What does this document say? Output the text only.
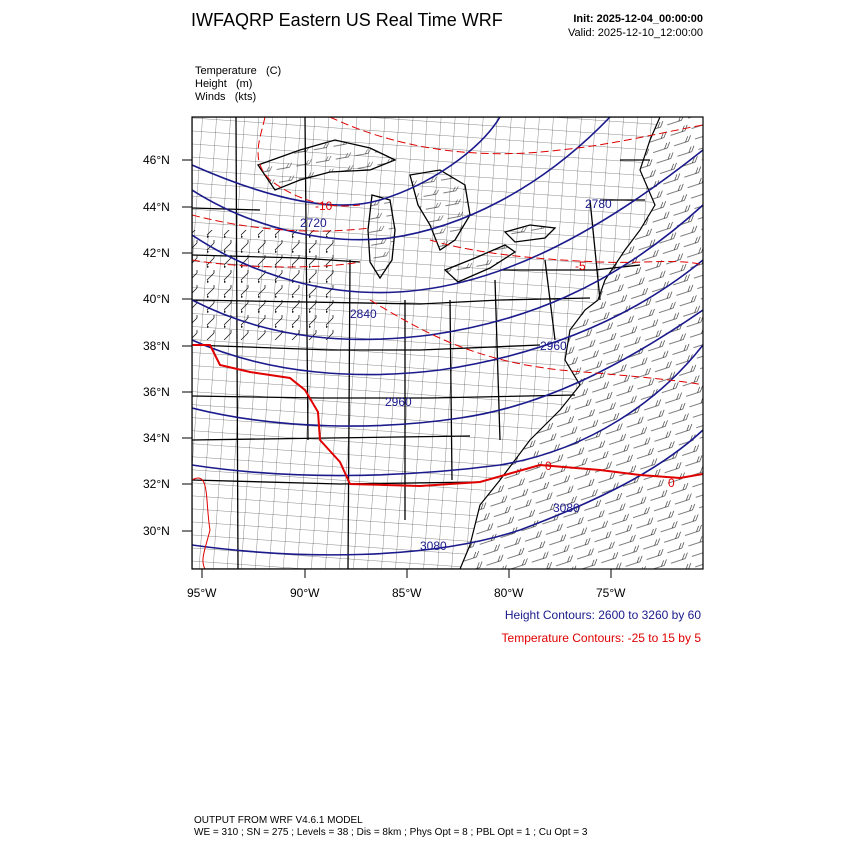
IWFAQRP Eastern US Real Time WRF	Init: 2025-12-04_00:00:00
Valid: 2025-12-10_12:00:00
Temperature (C)
Height (m)
Winds (kts)
2720
2840
2960
2960
3080
3080
2780
-10
-5
0
0
46°N
44°N
42°N
40°N
38°N
36°N
34°N
32°N
30°N
95°W	90°W	85°W	80°W	75°W
Height Contours: 2600 to 3260 by 60
Temperature Contours: -25 to 15 by 5
OUTPUT FROM WRF V4.6.1 MODEL
WE = 310 ; SN = 275 ; Levels = 38 ; Dis = 8km ; Phys Opt = 8 ; PBL Opt = 1 ; Cu Opt = 3
